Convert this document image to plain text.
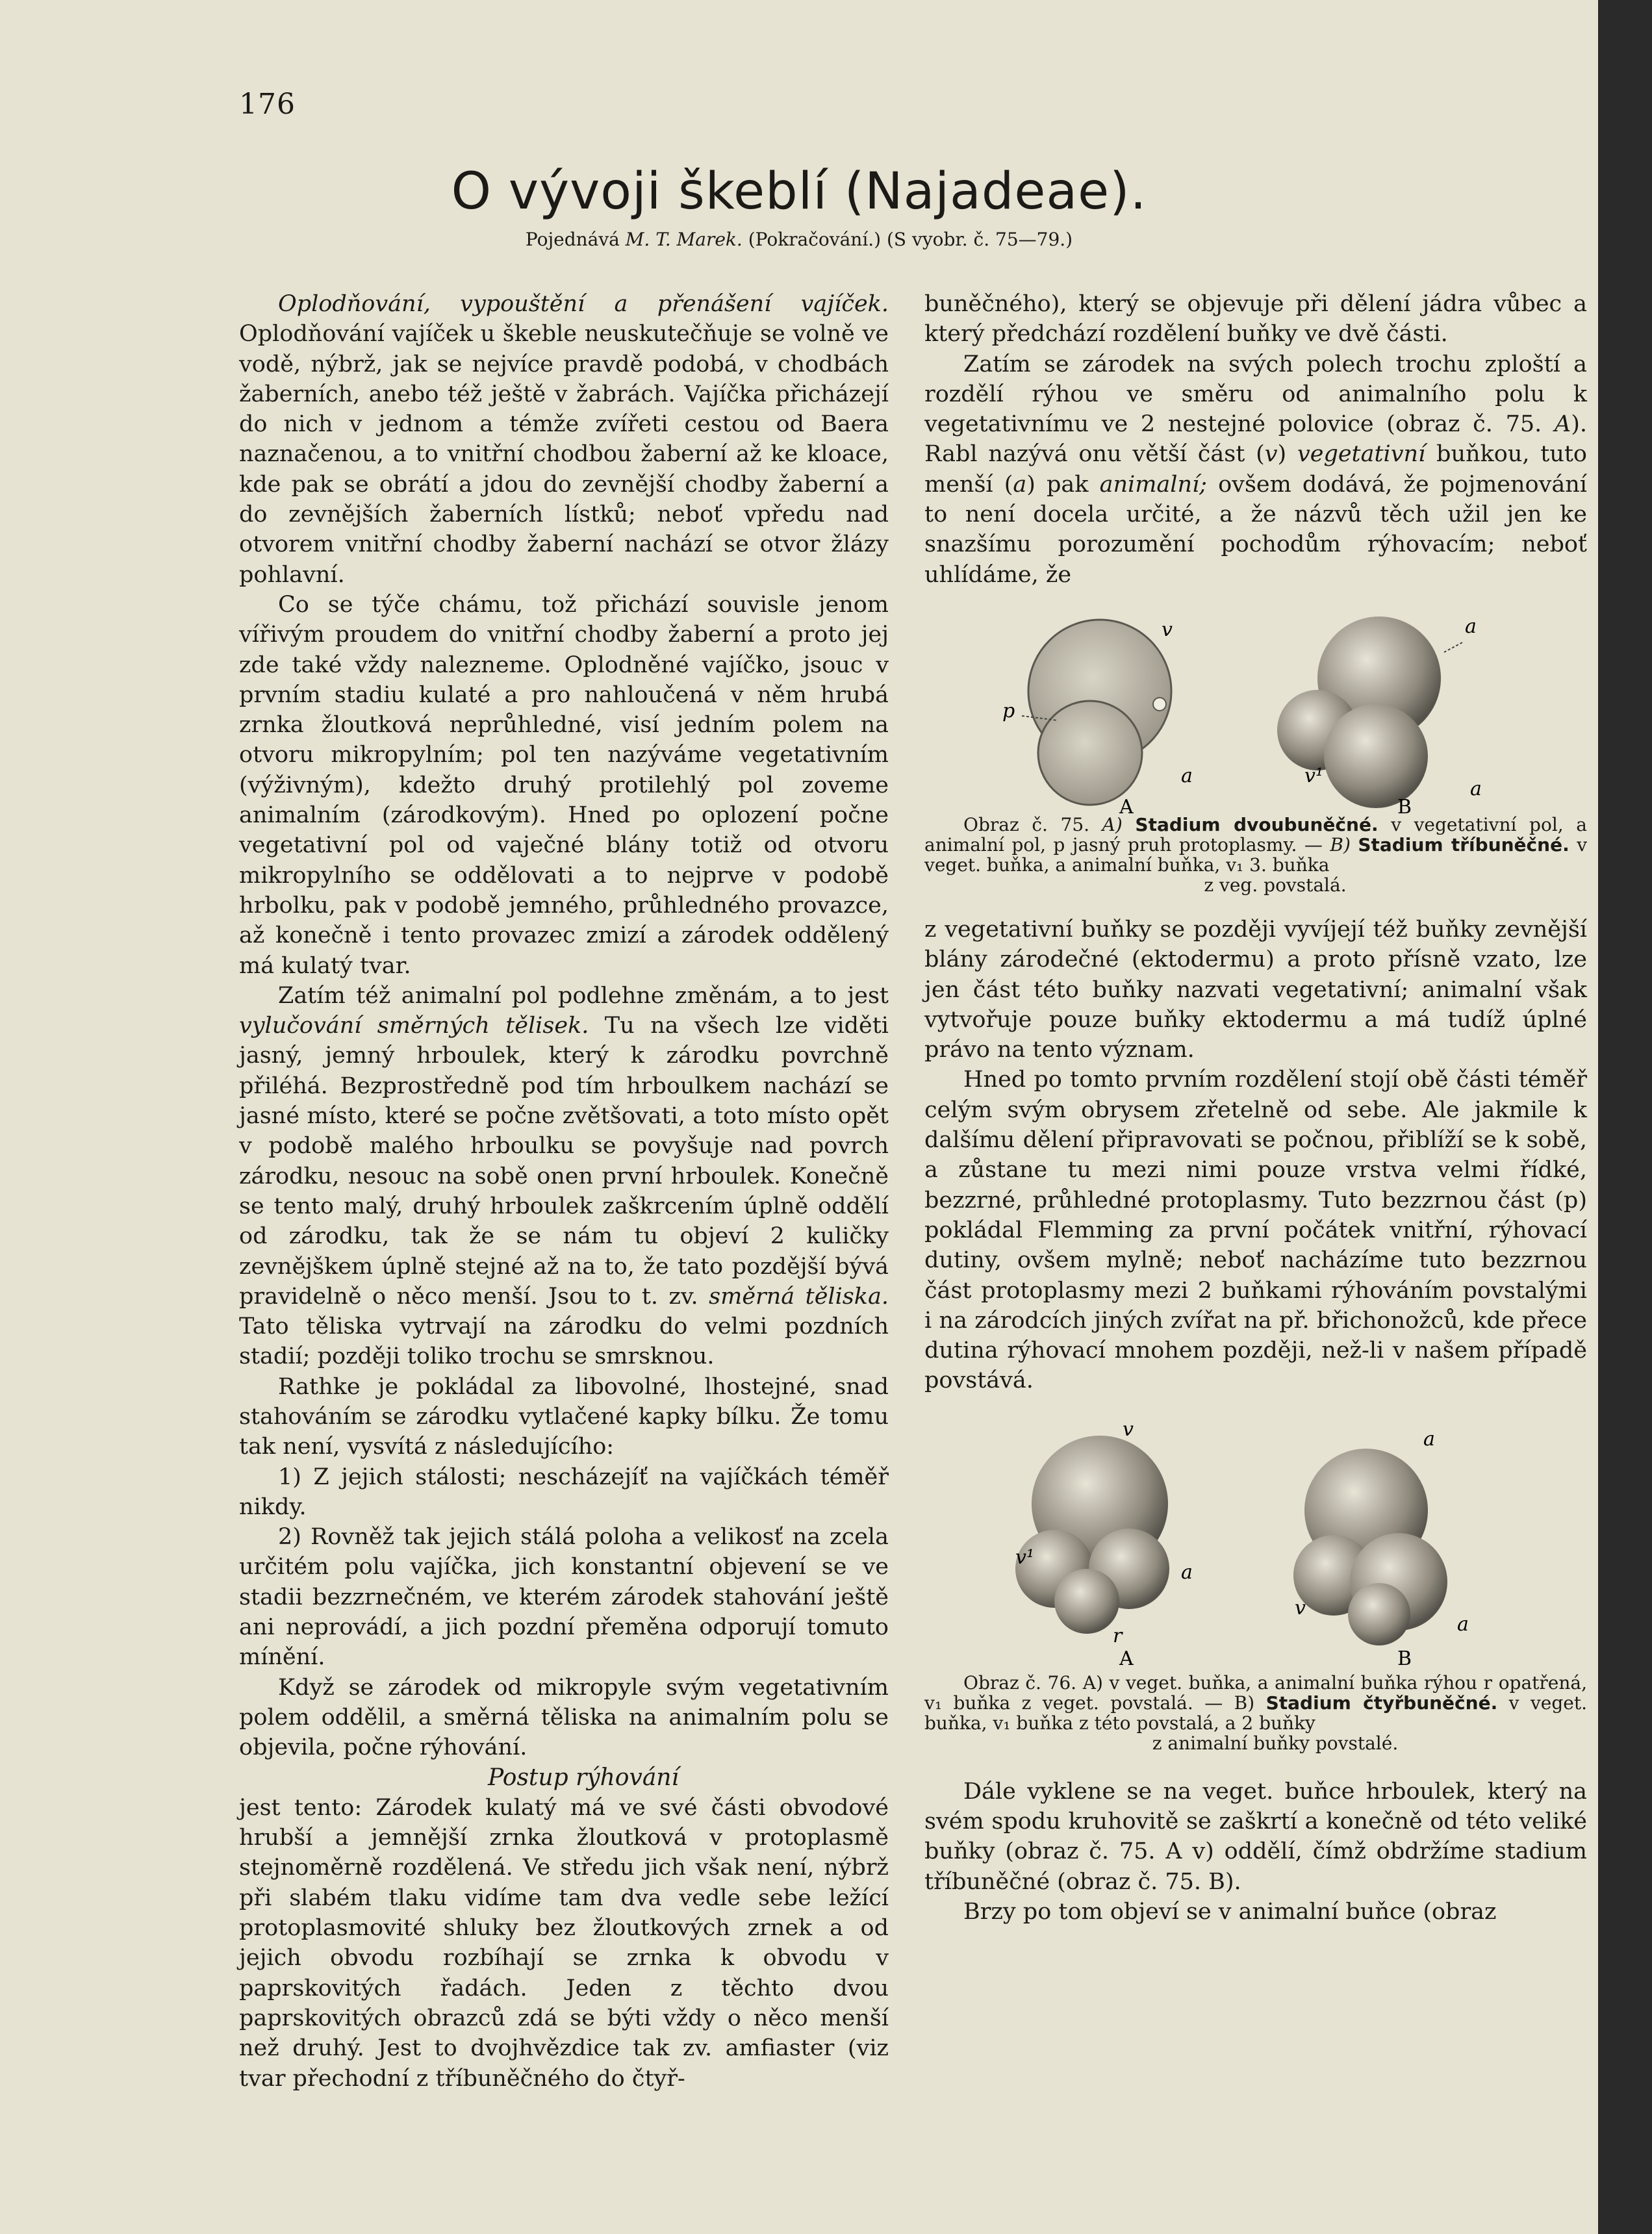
176
O vývoji škeblí (Najadeae).
Pojednává M. T. Marek. (Pokračování.) (S vyobr. č. 75—79.)

Oplodňování, vypouštění a přenášení vajíček. Oplodňování vajíček u škeble neuskutečňuje se volně ve vodě, nýbrž, jak se nejvíce pravdě podobá, v chodbách žaberních, anebo též ještě v žabrách. Vajíčka přicházejí do nich v jednom a témže zvířeti cestou od Baera naznačenou, a to vnitřní chodbou žaberní až ke kloace, kde pak se obrátí a jdou do zevnější chodby žaberní a do zevnějších žaberních lístků; neboť vpředu nad otvorem vnitřní chodby žaberní nachází se otvor žlázy pohlavní.

Co se týče chámu, tož přichází souvisle jenom vířivým proudem do vnitřní chodby žaberní a proto jej zde také vždy nalezneme. Oplodněné vajíčko, jsouc v prvním stadiu kulaté a pro nahloučená v něm hrubá zrnka žloutková neprůhledné, visí jedním polem na otvoru mikropylním; pol ten nazýváme vegetativním (výživným), kdežto druhý protilehlý pol zoveme animalním (zárodkovým). Hned po oplození počne vegetativní pol od vaječné blány totiž od otvoru mikropylního se oddělovati a to nejprve v podobě hrbolku, pak v podobě jemného, průhledného provazce, až konečně i tento provazec zmizí a zárodek oddělený má kulatý tvar.

Zatím též animalní pol podlehne změnám, a to jest vylučování směrných tělisek. Tu na všech lze viděti jasný, jemný hrboulek, který k zárodku povrchně přiléhá. Bezprostředně pod tím hrboulkem nachází se jasné místo, které se počne zvětšovati, a toto místo opět v podobě malého hrboulku se povyšuje nad povrch zárodku, nesouc na sobě onen první hrboulek. Konečně se tento malý, druhý hrboulek zaškrcením úplně oddělí od zárodku, tak že se nám tu objeví 2 kuličky zevnějškem úplně stejné až na to, že tato pozdější bývá pravidelně o něco menší. Jsou to t. zv. směrná těliska. Tato těliska vytrvají na zárodku do velmi pozdních stadií; později toliko trochu se smrsknou.

Rathke je pokládal za libovolné, lhostejné, snad stahováním se zárodku vytlačené kapky bílku. Že tomu tak není, vysvítá z následujícího:

1) Z jejich stálosti; nescházejíť na vajíčkách téměř nikdy.

2) Rovněž tak jejich stálá poloha a velikosť na zcela určitém polu vajíčka, jich konstantní objevení se ve stadii bezzrnečném, ve kterém zárodek stahování ještě ani neprovádí, a jich pozdní přeměna odporují tomuto mínění.

Když se zárodek od mikropyle svým vegetativním polem oddělil, a směrná těliska na animalním polu se objevila, počne rýhování.

Postup rýhování

jest tento: Zárodek kulatý má ve své části obvodové hrubší a jemnější zrnka žloutková v protoplasmě stejnoměrně rozdělená. Ve středu jich však není, nýbrž při slabém tlaku vidíme tam dva vedle sebe ležící protoplasmovité shluky bez žloutkových zrnek a od jejich obvodu rozbíhají se zrnka k obvodu v paprskovitých řadách. Jeden z těchto dvou paprskovitých obrazců zdá se býti vždy o něco menší než druhý. Jest to dvojhvězdice tak zv. amfiaster (viz tvar přechodní z tříbuněčného do čtyř-

buněčného), který se objevuje při dělení jádra vůbec a který předchází rozdělení buňky ve dvě části.

Zatím se zárodek na svých polech trochu zploští a rozdělí rýhou ve směru od animalního polu k vegetativnímu ve 2 nestejné polovice (obraz č. 75. A). Rabl nazývá onu větší část (v) vegetativní buňkou, tuto menší (a) pak animalní; ovšem dodává, že pojmenování to není docela určité, a že názvů těch užil jen ke snazšímu porozumění pochodům rýhovacím; neboť uhlídáme, že

p
v
a
A
a
a
v¹
B

Obraz č. 75. A) Stadium dvoubuněčné. v vegetativní pol, a animalní pol, p jasný pruh protoplasmy. — B) Stadium tříbuněčné. v veget. buňka, a animalní buňka, v₁ 3. buňka

z veg. povstalá.

z vegetativní buňky se později vyvíjejí též buňky zevnější blány zárodečné (ektodermu) a proto přísně vzato, lze jen část této buňky nazvati vegetativní; animalní však vytvořuje pouze buňky ektodermu a má tudíž úplné právo na tento význam.

Hned po tomto prvním rozdělení stojí obě části téměř celým svým obrysem zřetelně od sebe. Ale jakmile k dalšímu dělení připravovati se počnou, přiblíží se k sobě, a zůstane tu mezi nimi pouze vrstva velmi řídké, bezzrné, průhledné protoplasmy. Tuto bezzrnou část (p) pokládal Flemming za první počátek vnitřní, rýhovací dutiny, ovšem mylně; neboť nacházíme tuto bezzrnou část protoplasmy mezi 2 buňkami rýhováním povstalými i na zárodcích jiných zvířat na př. břichonožců, kde přece dutina rýhovací mnohem později, než-li v našem případě povstává.

v
v¹
a
r
A
a
v
a
B

Obraz č. 76. A) v veget. buňka, a animalní buňka rýhou r opatřená, v₁ buňka z veget. povstalá. — B) Stadium čtyřbuněčné. v veget. buňka, v₁ buňka z této povstalá, a 2 buňky

z animalní buňky povstalé.

Dále vyklene se na veget. buňce hrboulek, který na svém spodu kruhovitě se zaškrtí a konečně od této veliké buňky (obraz č. 75. A v) oddělí, čímž obdržíme stadium tříbuněčné (obraz č. 75. B).

Brzy po tom objeví se v animalní buňce (obraz
